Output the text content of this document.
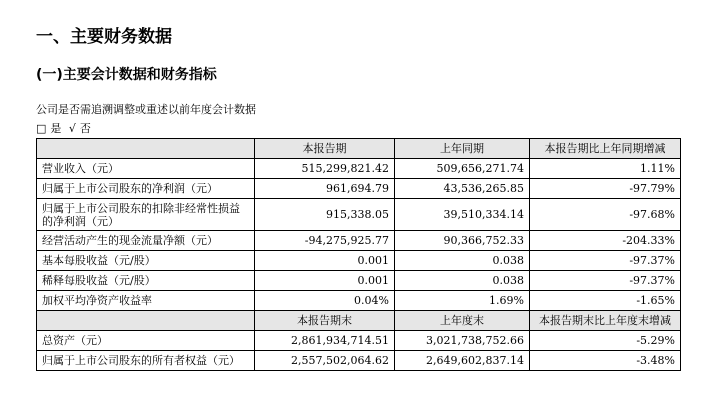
一、主要财务数据
(一)主要会计数据和财务指标
公司是否需追溯调整或重述以前年度会计数据
□ 是 √ 否
	本报告期	上年同期	本报告期比上年同期增减
营业收入（元）	515,299,821.42	509,656,271.74	1.11%
归属于上市公司股东的净利润（元）	961,694.79	43,536,265.85	-97.79%
归属于上市公司股东的扣除非经常性损益的净利润（元）	915,338.05	39,510,334.14	-97.68%
经营活动产生的现金流量净额（元）	-94,275,925.77	90,366,752.33	-204.33%
基本每股收益（元/股）	0.001	0.038	-97.37%
稀释每股收益（元/股）	0.001	0.038	-97.37%
加权平均净资产收益率	0.04%	1.69%	-1.65%
	本报告期末	上年度末	本报告期末比上年度末增减
总资产（元）	2,861,934,714.51	3,021,738,752.66	-5.29%
归属于上市公司股东的所有者权益（元）	2,557,502,064.62	2,649,602,837.14	-3.48%
